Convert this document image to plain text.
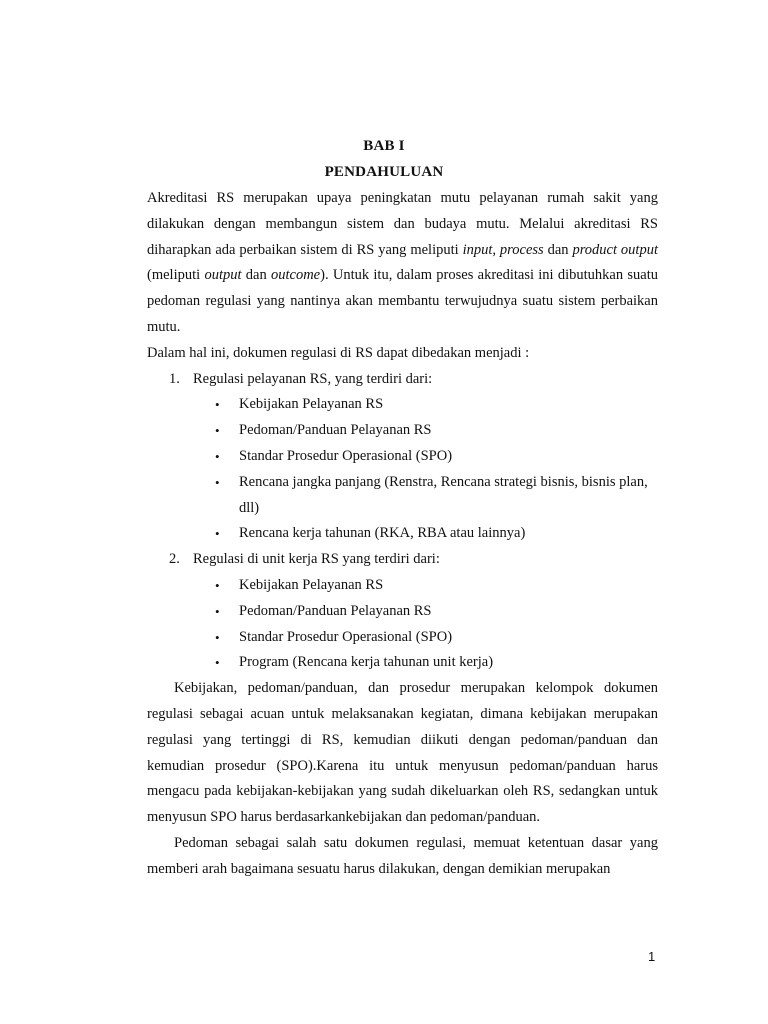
BAB I
PENDAHULUAN

Akreditasi RS merupakan upaya peningkatan mutu pelayanan rumah sakit yang dilakukan dengan membangun sistem dan budaya mutu. Melalui akreditasi RS diharapkan ada perbaikan sistem di RS yang meliputi input, process dan product output (meliputi output dan outcome). Untuk itu, dalam proses akreditasi ini dibutuhkan suatu pedoman regulasi yang nantinya akan membantu terwujudnya suatu sistem perbaikan mutu.

Dalam hal ini, dokumen regulasi di RS dapat dibedakan menjadi :

1. Regulasi pelayanan RS, yang terdiri dari:
• Kebijakan Pelayanan RS
• Pedoman/Panduan Pelayanan RS
• Standar Prosedur Operasional (SPO)
• Rencana jangka panjang (Renstra, Rencana strategi bisnis, bisnis plan, dll)
• Rencana kerja tahunan (RKA, RBA atau lainnya)
2. Regulasi di unit kerja RS yang terdiri dari:
• Kebijakan Pelayanan RS
• Pedoman/Panduan Pelayanan RS
• Standar Prosedur Operasional (SPO)
• Program (Rencana kerja tahunan unit kerja)

Kebijakan, pedoman/panduan, dan prosedur merupakan kelompok dokumen regulasi sebagai acuan untuk melaksanakan kegiatan, dimana kebijakan merupakan regulasi yang tertinggi di RS, kemudian diikuti dengan pedoman/panduan dan kemudian prosedur (SPO).Karena itu untuk menyusun pedoman/panduan harus mengacu pada kebijakan-kebijakan yang sudah dikeluarkan oleh RS, sedangkan untuk menyusun SPO harus berdasarkankebijakan dan pedoman/panduan.

Pedoman sebagai salah satu dokumen regulasi, memuat ketentuan dasar yang memberi arah bagaimana sesuatu harus dilakukan, dengan demikian merupakan

1
